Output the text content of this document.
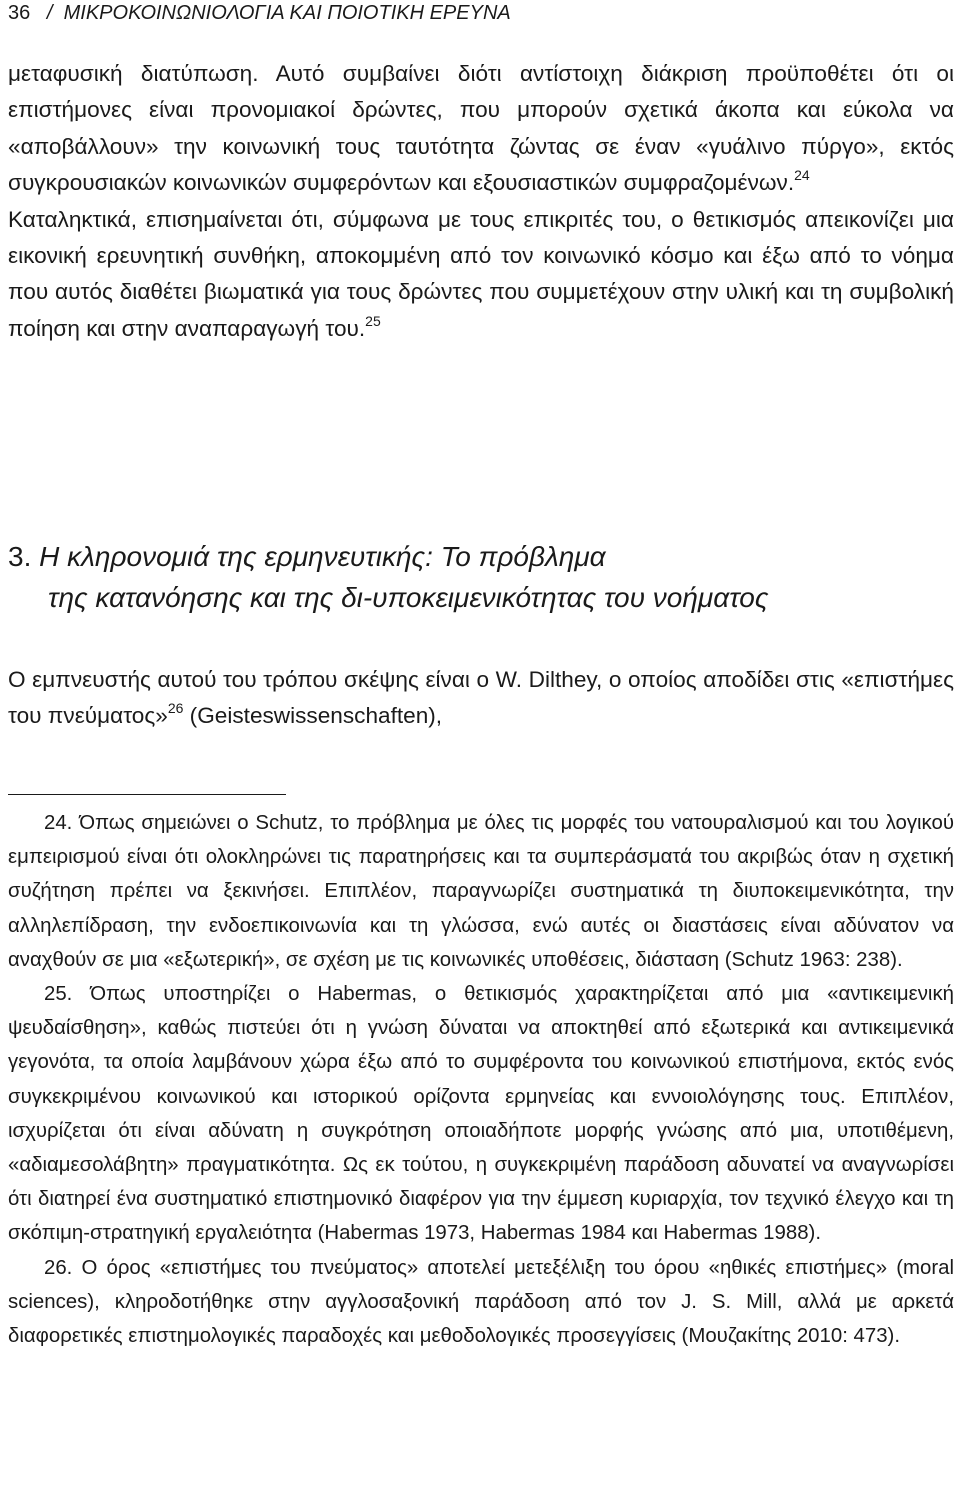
36 / ΜΙΚΡΟΚΟΙΝΩΝΙΟΛΟΓΙΑ ΚΑΙ ΠΟΙΟΤΙΚΗ ΕΡΕΥΝΑ

μεταφυσική διατύπωση. Αυτό συμβαίνει διότι αντίστοιχη διάκριση προϋποθέτει ότι οι επιστήμονες είναι προνομιακοί δρώντες, που μπορούν σχετικά άκοπα και εύκολα να «αποβάλλουν» την κοινωνική τους ταυτότητα ζώντας σε έναν «γυάλινο πύργο», εκτός συγκρουσιακών κοινωνικών συμφερόντων και εξουσιαστικών συμφραζομένων.$^{24}$

Καταληκτικά, επισημαίνεται ότι, σύμφωνα με τους επικριτές του, ο θετικισμός απεικονίζει μια εικονική ερευνητική συνθήκη, αποκομμένη από τον κοινωνικό κόσμο και έξω από το νόημα που αυτός διαθέτει βιωματικά για τους δρώντες που συμμετέχουν στην υλική και τη συμβολική ποίηση και στην αναπαραγωγή του.$^{25}$

3. Η κληρονομιά της ερμηνευτικής: Το πρόβλημα
της κατανόησης και της δι-υποκειμενικότητας του νοήματος

Ο εμπνευστής αυτού του τρόπου σκέψης είναι ο W. Dilthey, ο οποίος αποδίδει στις «επιστήμες του πνεύματος»$^{26}$ (Geisteswissenschaften),

24. Όπως σημειώνει ο Schutz, το πρόβλημα με όλες τις μορφές του νατουραλισμού και του λογικού εμπειρισμού είναι ότι ολοκληρώνει τις παρατηρήσεις και τα συμπεράσματά του ακριβώς όταν η σχετική συζήτηση πρέπει να ξεκινήσει. Επιπλέον, παραγνωρίζει συστηματικά τη διυποκειμενικότητα, την αλληλεπίδραση, την ενδοεπικοινωνία και τη γλώσσα, ενώ αυτές οι διαστάσεις είναι αδύνατον να αναχθούν σε μια «εξωτερική», σε σχέση με τις κοινωνικές υποθέσεις, διάσταση (Schutz 1963: 238).

25. Όπως υποστηρίζει ο Habermas, ο θετικισμός χαρακτηρίζεται από μια «αντικειμενική ψευδαίσθηση», καθώς πιστεύει ότι η γνώση δύναται να αποκτηθεί από εξωτερικά και αντικειμενικά γεγονότα, τα οποία λαμβάνουν χώρα έξω από το συμφέροντα του κοινωνικού επιστήμονα, εκτός ενός συγκεκριμένου κοινωνικού και ιστορικού ορίζοντα ερμηνείας και εννοιολόγησης τους. Επιπλέον, ισχυρίζεται ότι είναι αδύνατη η συγκρότηση οποιαδήποτε μορφής γνώσης από μια, υποτιθέμενη, «αδιαμεσολάβητη» πραγματικότητα. Ως εκ τούτου, η συγκεκριμένη παράδοση αδυνατεί να αναγνωρίσει ότι διατηρεί ένα συστηματικό επιστημονικό διαφέρον για την έμμεση κυριαρχία, τον τεχνικό έλεγχο και τη σκόπιμη-στρατηγική εργαλειότητα (Habermas 1973, Habermas 1984 και Habermas 1988).

26. Ο όρος «επιστήμες του πνεύματος» αποτελεί μετεξέλιξη του όρου «ηθικές επιστήμες» (moral sciences), κληροδοτήθηκε στην αγγλοσαξονική παράδοση από τον J. S. Mill, αλλά με αρκετά διαφορετικές επιστημολογικές παραδοχές και μεθοδολογικές προσεγγίσεις (Μουζακίτης 2010: 473).
